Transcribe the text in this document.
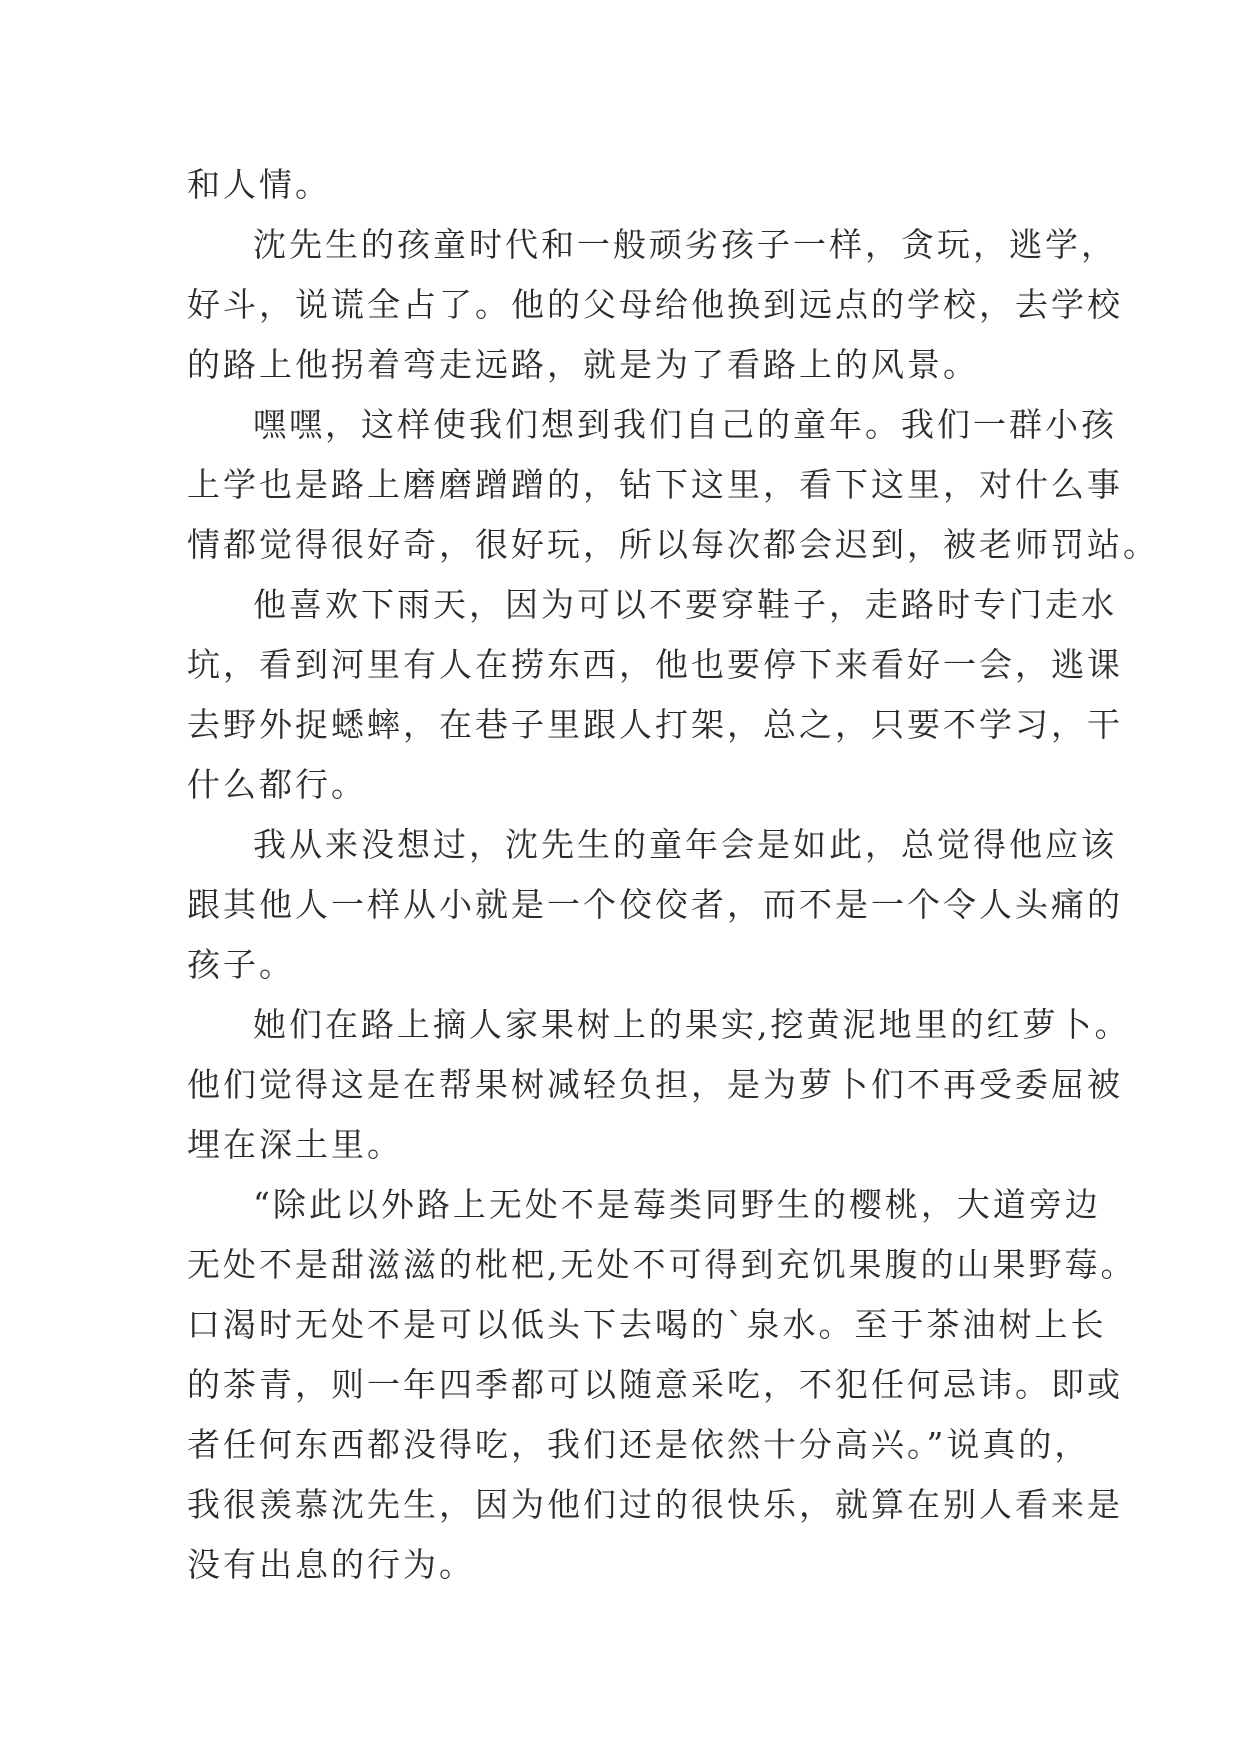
和人情。
沈先生的孩童时代和一般顽劣孩子一样，贪玩，逃学，
好斗，说谎全占了。他的父母给他换到远点的学校，去学校
的路上他拐着弯走远路，就是为了看路上的风景。
嘿嘿，这样使我们想到我们自己的童年。我们一群小孩
上学也是路上磨磨蹭蹭的，钻下这里，看下这里，对什么事
情都觉得很好奇，很好玩，所以每次都会迟到，被老师罚站。
他喜欢下雨天，因为可以不要穿鞋子，走路时专门走水
坑，看到河里有人在捞东西，他也要停下来看好一会，逃课
去野外捉蟋蟀，在巷子里跟人打架，总之，只要不学习，干
什么都行。
我从来没想过，沈先生的童年会是如此，总觉得他应该
跟其他人一样从小就是一个佼佼者，而不是一个令人头痛的
孩子。
她们在路上摘人家果树上的果实,挖黄泥地里的红萝卜。
他们觉得这是在帮果树减轻负担，是为萝卜们不再受委屈被
埋在深土里。
“除此以外路上无处不是莓类同野生的樱桃，大道旁边
无处不是甜滋滋的枇杷,无处不可得到充饥果腹的山果野莓。
口渴时无处不是可以低头下去喝的`泉水。至于茶油树上长
的茶青，则一年四季都可以随意采吃，不犯任何忌讳。即或
者任何东西都没得吃，我们还是依然十分高兴。”说真的，
我很羡慕沈先生，因为他们过的很快乐，就算在别人看来是
没有出息的行为。
